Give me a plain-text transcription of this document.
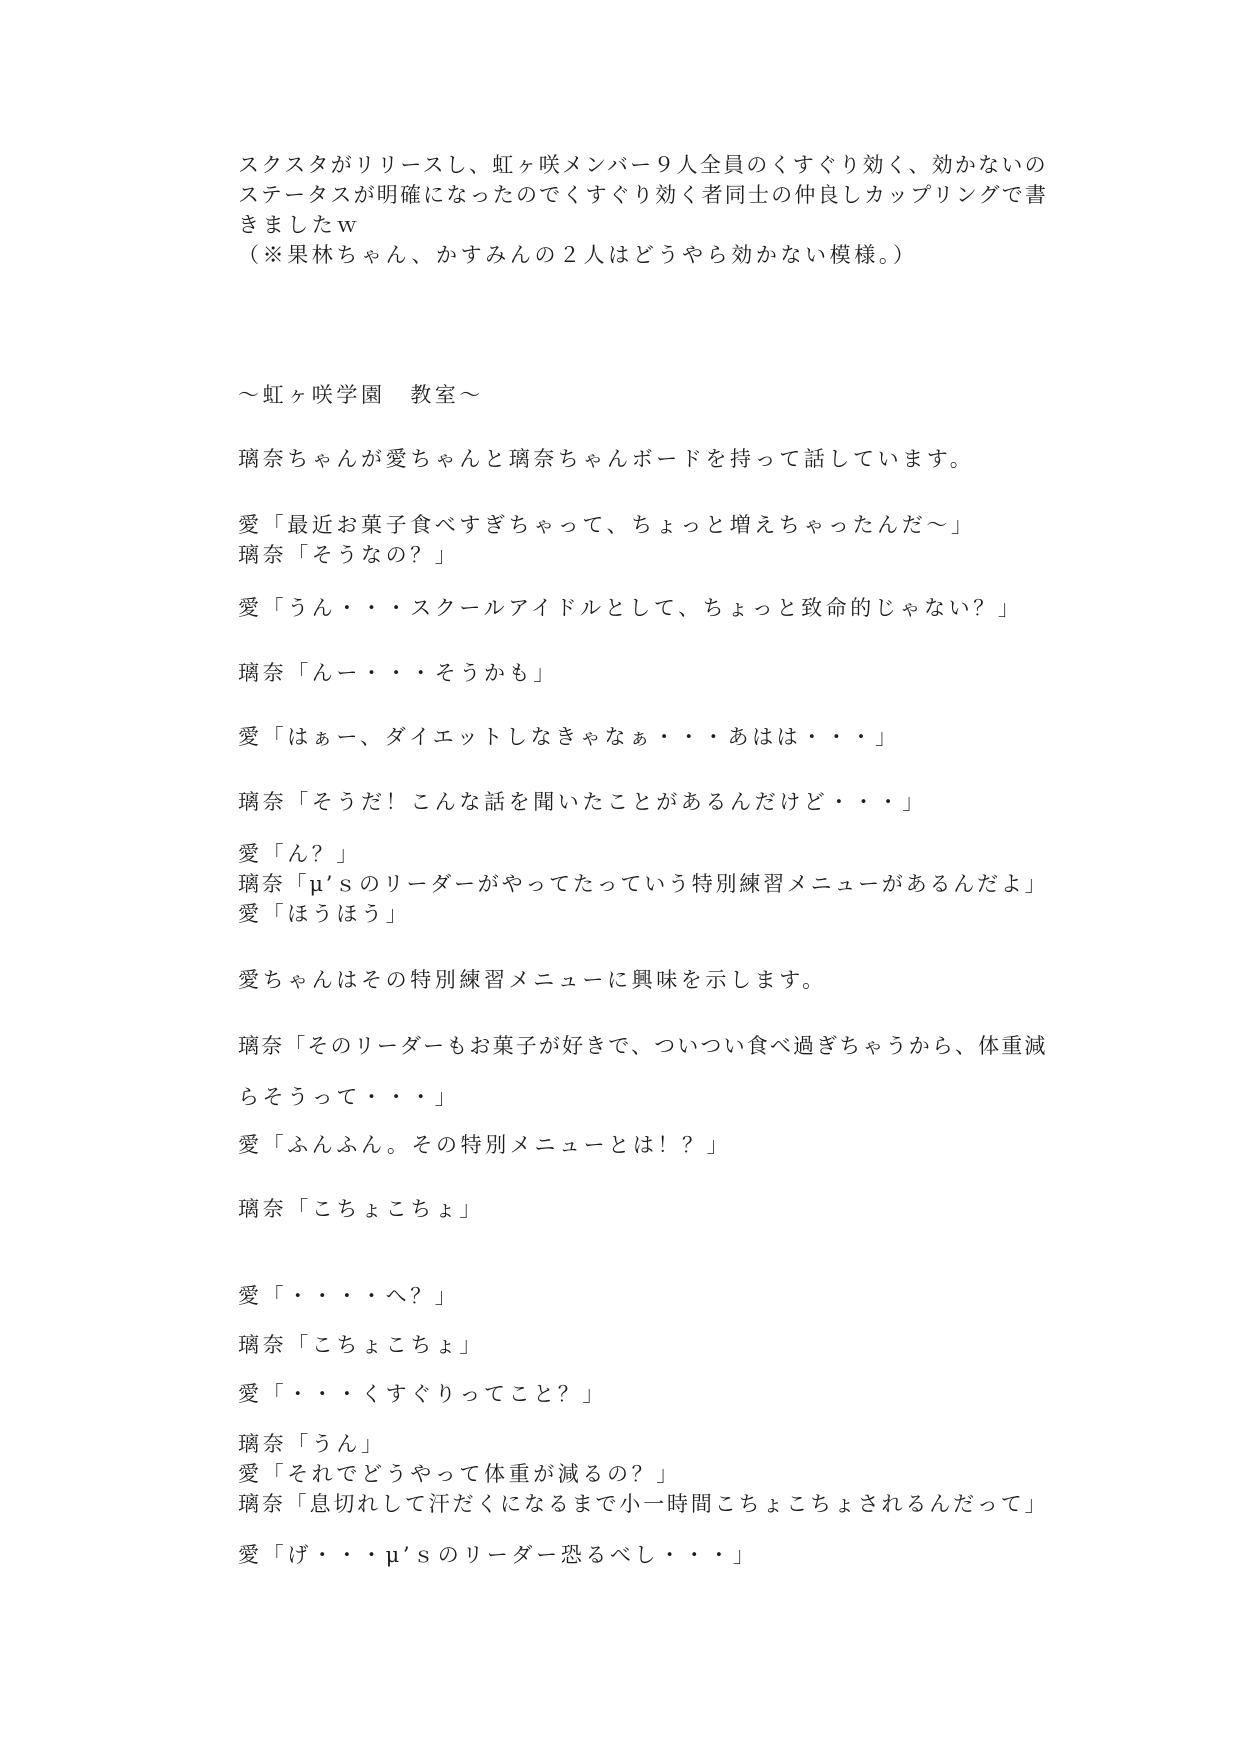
スクスタがリリースし、虹ヶ咲メンバー９人全員のくすぐり効く、効かないの

ステータスが明確になったのでくすぐり効く者同士の仲良しカップリングで書

きましたｗ

（※果林ちゃん、かすみんの２人はどうやら効かない模様。）

～虹ヶ咲学園　教室～

璃奈ちゃんが愛ちゃんと璃奈ちゃんボードを持って話しています。

愛「最近お菓子食べすぎちゃって、ちょっと増えちゃったんだ～」

璃奈「そうなの？」

愛「うん・・・スクールアイドルとして、ちょっと致命的じゃない？」

璃奈「んー・・・そうかも」

愛「はぁー、ダイエットしなきゃなぁ・・・あはは・・・」

璃奈「そうだ！こんな話を聞いたことがあるんだけど・・・」

愛「ん？」

璃奈「μ’ｓのリーダーがやってたっていう特別練習メニューがあるんだよ」

愛「ほうほう」

愛ちゃんはその特別練習メニューに興味を示します。

璃奈「そのリーダーもお菓子が好きで、ついつい食べ過ぎちゃうから、体重減

らそうって・・・」

愛「ふんふん。その特別メニューとは！？」

璃奈「こちょこちょ」

愛「・・・・へ？」

璃奈「こちょこちょ」

愛「・・・くすぐりってこと？」

璃奈「うん」

愛「それでどうやって体重が減るの？」

璃奈「息切れして汗だくになるまで小一時間こちょこちょされるんだって」

愛「げ・・・μ’ｓのリーダー恐るべし・・・」
